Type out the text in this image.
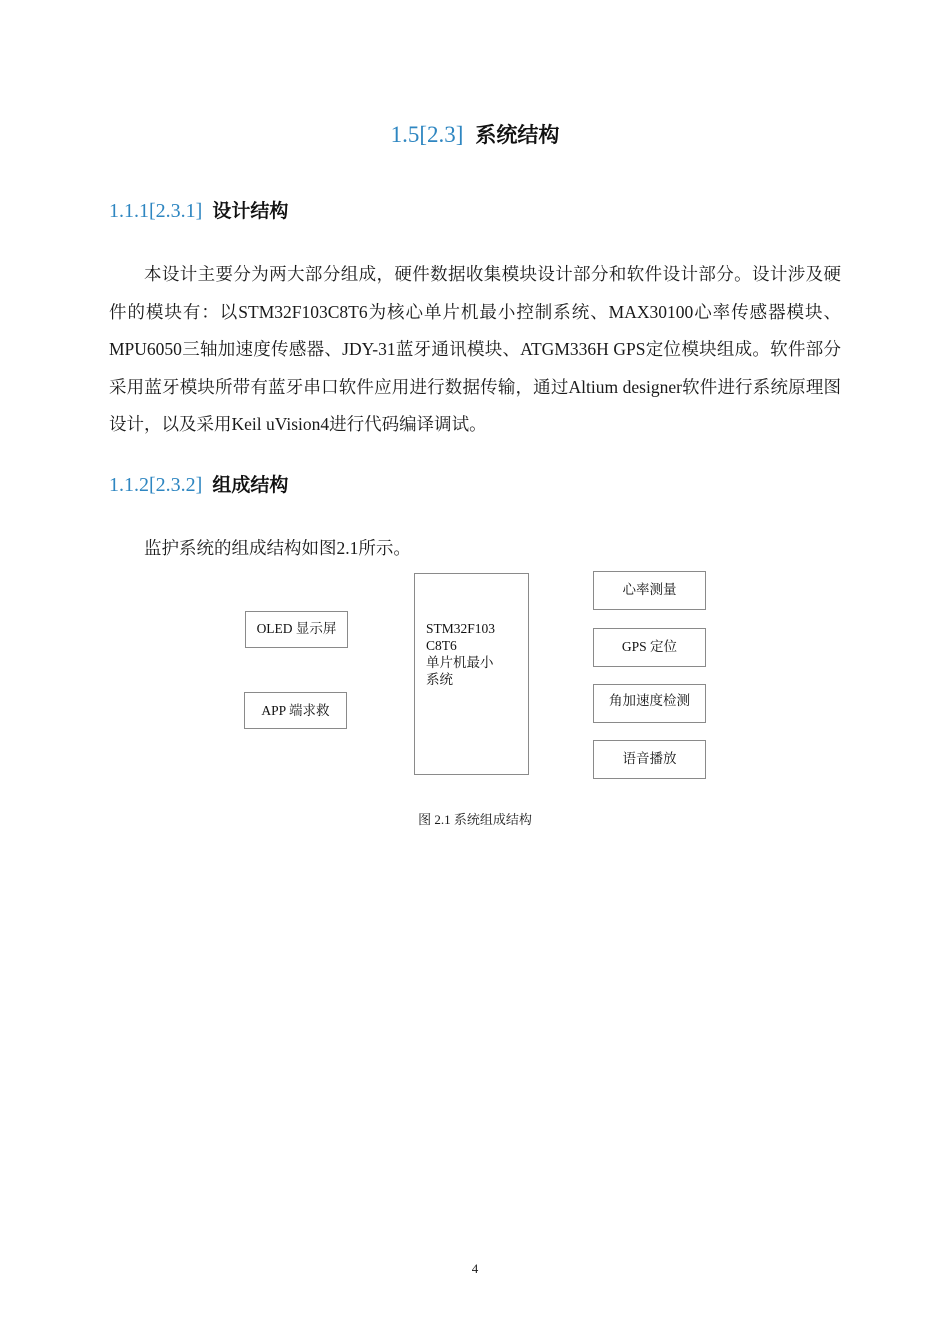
1.5[2.3] 系统结构
1.1.1[2.3.1] 设计结构
本设计主要分为两大部分组成，硬件数据收集模块设计部分和软件设计部分。设计涉及硬件的模块有：以STM32F103C8T6为核心单片机最小控制系统、MAX30100心率传感器模块、MPU6050三轴加速度传感器、JDY-31蓝牙通讯模块、ATGM336H GPS定位模块组成。软件部分采用蓝牙模块所带有蓝牙串口软件应用进行数据传输，通过Altium designer软件进行系统原理图设计，以及采用Keil uVision4进行代码编译调试。
1.1.2[2.3.2] 组成结构
监护系统的组成结构如图2.1所示。
OLED 显示屏
APP 端求救
STM32F103
C8T6
单片机最小
系统
心率测量
GPS 定位
角加速度检测
语音播放
图 2.1 系统组成结构
4
